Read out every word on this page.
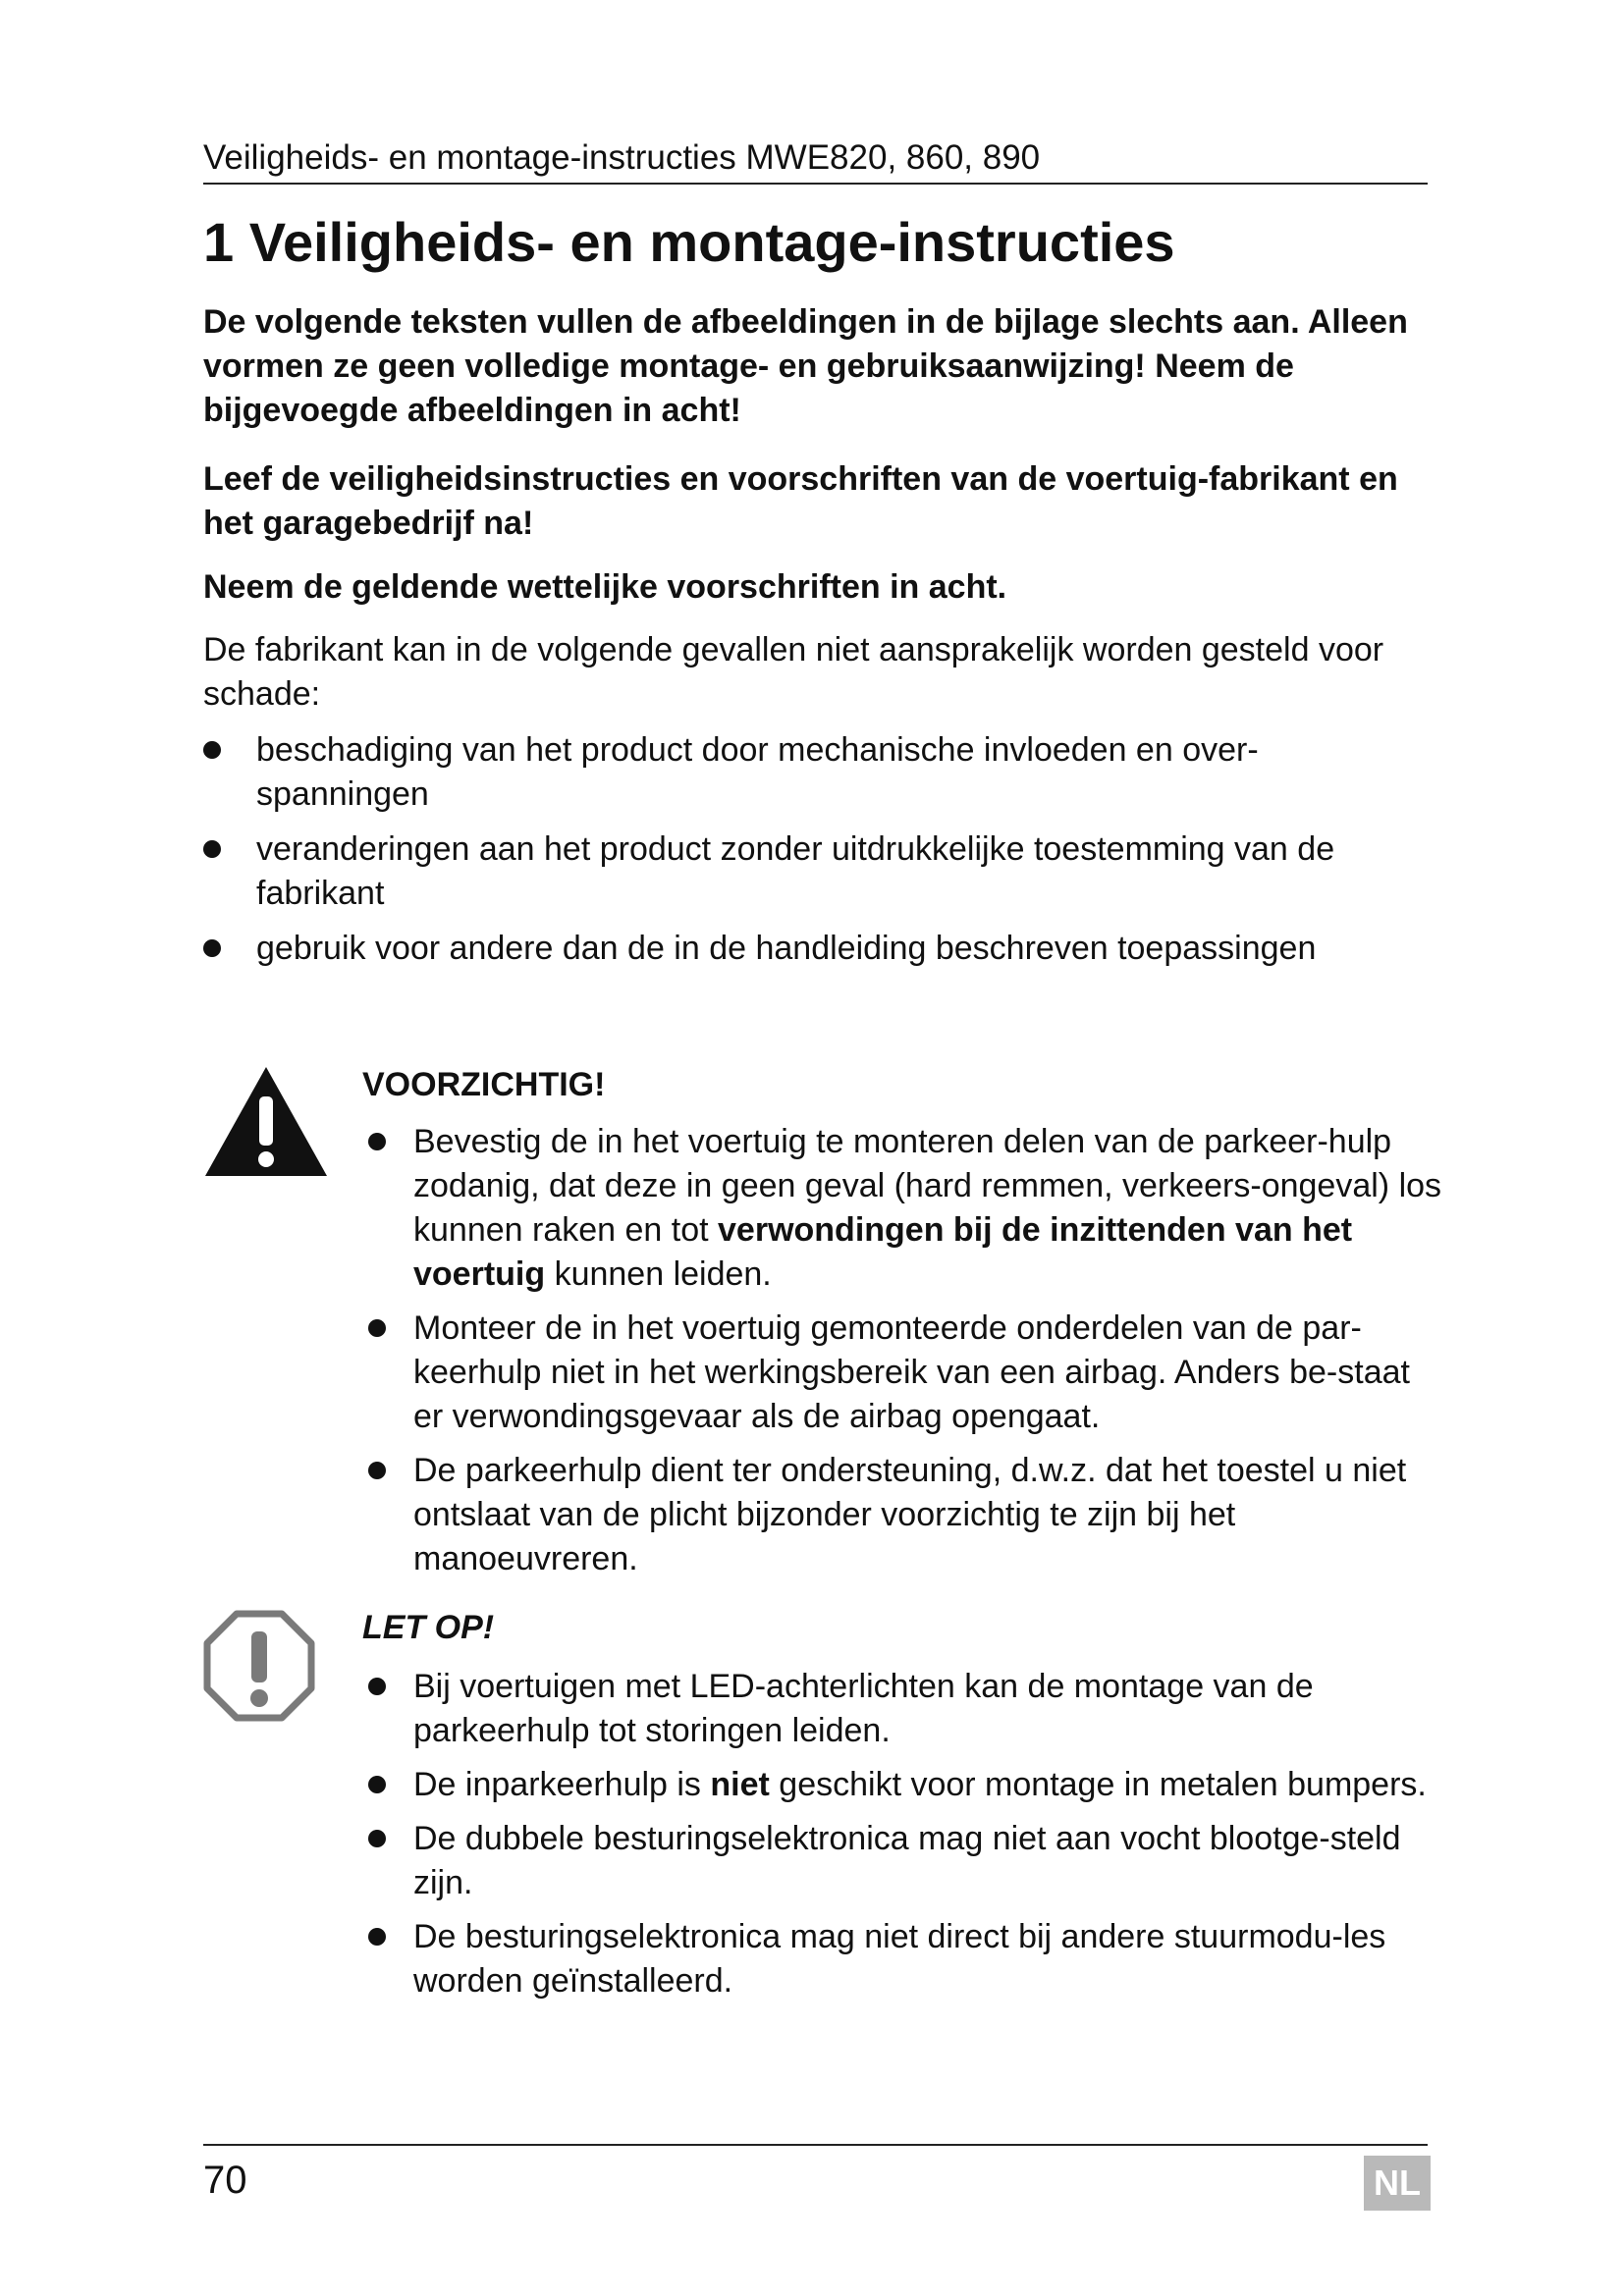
Veiligheids- en montage-instructies MWE820, 860, 890
1 Veiligheids- en montage-instructies

De volgende teksten vullen de afbeeldingen in de bijlage slechts aan. Alleen vormen ze geen volledige montage- en gebruiksaanwijzing! Neem de bijgevoegde afbeeldingen in acht!

Leef de veiligheidsinstructies en voorschriften van de voertuig-fabrikant en het garagebedrijf na!

Neem de geldende wettelijke voorschriften in acht.

De fabrikant kan in de volgende gevallen niet aansprakelijk worden gesteld voor schade:

beschadiging van het product door mechanische invloeden en over-spanningen
veranderingen aan het product zonder uitdrukkelijke toestemming van de fabrikant
gebruik voor andere dan de in de handleiding beschreven toepassingen
VOORZICHTIG!
Bevestig de in het voertuig te monteren delen van de parkeer-hulp zodanig, dat deze in geen geval (hard remmen, verkeers-ongeval) los kunnen raken en tot verwondingen bij de inzittenden van het voertuig kunnen leiden.
Monteer de in het voertuig gemonteerde onderdelen van de par-keerhulp niet in het werkingsbereik van een airbag. Anders be-staat er verwondingsgevaar als de airbag opengaat.
De parkeerhulp dient ter ondersteuning, d.w.z. dat het toestel u niet ontslaat van de plicht bijzonder voorzichtig te zijn bij het manoeuvreren.
LET OP!
Bij voertuigen met LED-achterlichten kan de montage van de parkeerhulp tot storingen leiden.
De inparkeerhulp is niet geschikt voor montage in metalen bumpers.
De dubbele besturingselektronica mag niet aan vocht blootge-steld zijn.
De besturingselektronica mag niet direct bij andere stuurmodu-les worden geïnstalleerd.
70	NL
